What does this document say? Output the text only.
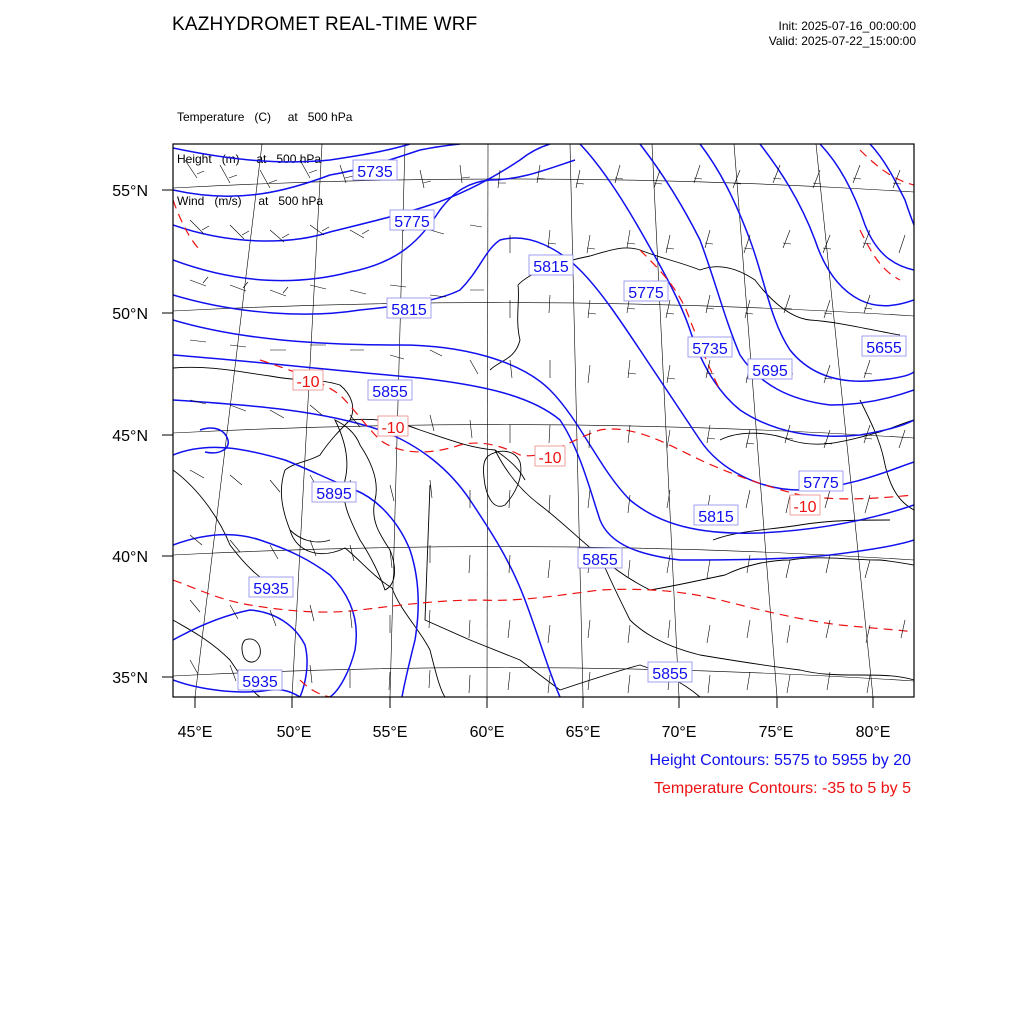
KAZHYDROMET REAL-TIME WRF	Init: 2025-07-16_00:00:00
Valid: 2025-07-22_15:00:00

Temperature   (C)     at   500 hPa

Height   (m)     at   500 hPa

Wind   (m/s)     at   500 hPa

45°E	50°E	55°E	60°E	65°E	70°E	75°E	80°E
55°N
50°N
45°N
40°N
35°N
5735
5775
5815
5775
5815
5855
5735
5695
5655
5895
5775
5815
5855
5935
5935	5855
-10
-10
-10
-10
Height Contours: 5575 to 5955 by 20
Temperature Contours: -35 to 5 by 5
